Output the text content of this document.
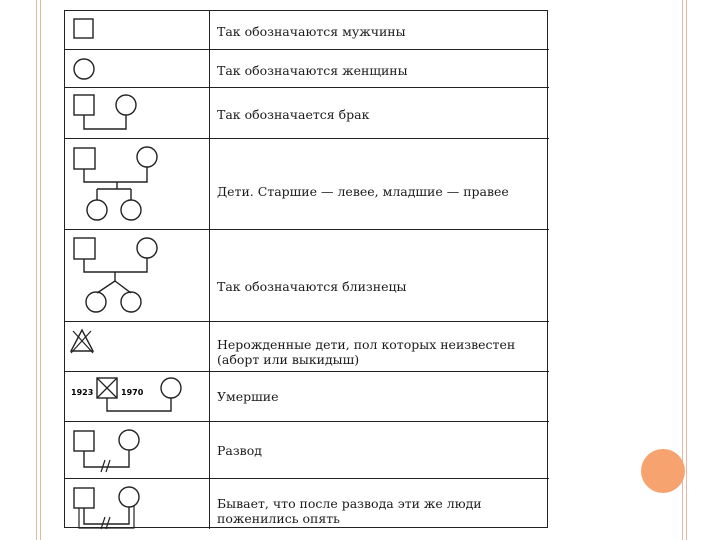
Так обозначаются мужчины
Так обозначаются женщины
Так обозначается брак
Дети. Старшие — левее, младшие — правее
Так обозначаются близнецы
Нерожденные дети, пол которых неизвестен (аборт или выкидыш)
1923	1970	Умершие
Развод
Бывает, что после развода эти же люди поженились опять
